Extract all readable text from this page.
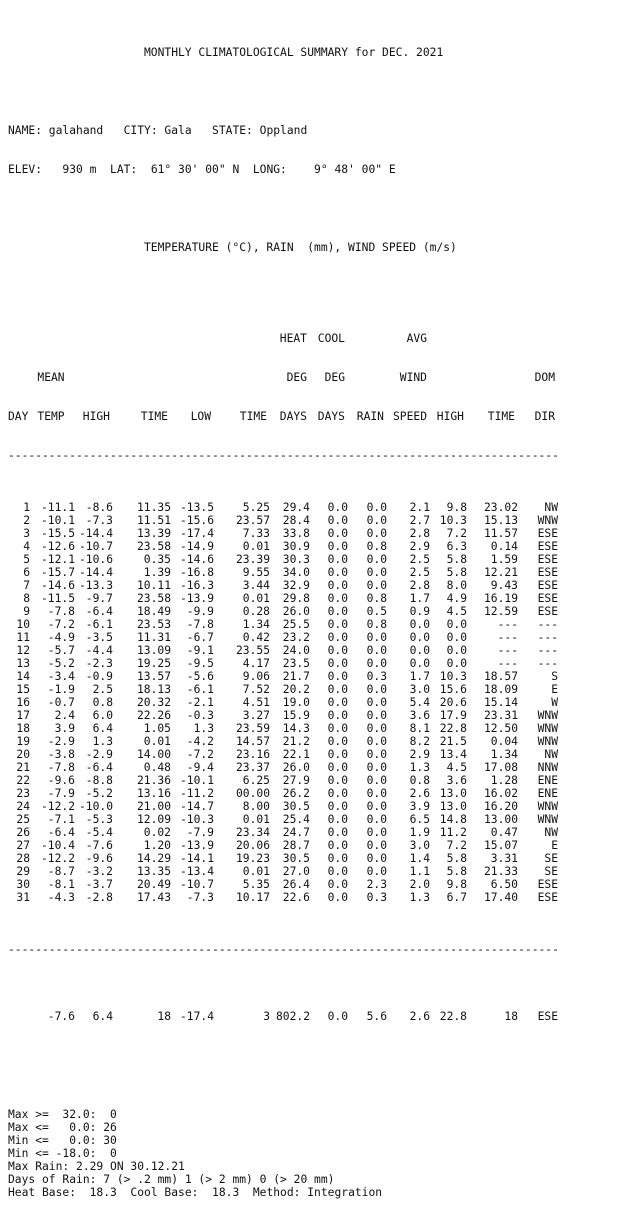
MONTHLY CLIMATOLOGICAL SUMMARY for DEC. 2021

NAME: galahand   CITY: Gala   STATE: Oppland

ELEV:   930 m  LAT:  61° 30' 00" N  LONG:    9° 48' 00" E

TEMPERATURE (°C), RAIN  (mm), WIND SPEED (m/s)

HEAT COOL	AVG

MEAN	DEG DEG	WIND	DOM

DAY TEMP HIGH	TIME LOW	TIME DAYS DAYS RAIN SPEED HIGH TIME DIR

---------------------------------------------------------------------------------

1 -11.1 -8.6 11.35 -13.5	5.25 29.4 0.0 0.0 2.1 9.8 23.02 NW
2 -10.1 -7.3 11.51 -15.6 23.57 28.4 0.0 0.0 2.7 10.3 15.13 WNW
3 -15.5 -14.4 13.39 -17.4	7.33 33.8 0.0 0.0 2.8 7.2 11.57 ESE
4 -12.6 -10.7 23.58 -14.9	0.01 30.9 0.0 0.8 2.9 6.3 0.14 ESE
5 -12.1 -10.6	0.35 -14.6 23.39 30.3 0.0 0.0 2.5 5.8 1.59 ESE
6 -15.7 -14.4	1.39 -16.8	9.55 34.0 0.0 0.0 2.5 5.8 12.21 ESE
7 -14.6 -13.3 10.11 -16.3	3.44 32.9 0.0 0.0 2.8 8.0 9.43 ESE
8 -11.5 -9.7 23.58 -13.9	0.01 29.8 0.0 0.8 1.7 4.9 16.19 ESE
9 -7.8 -6.4 18.49 -9.9	0.28 26.0 0.0 0.5 0.9 4.5 12.59 ESE
10 -7.2 -6.1 23.53 -7.8	1.34 25.5 0.0 0.8 0.0 0.0	--- ---
11 -4.9 -3.5 11.31 -6.7	0.42 23.2 0.0 0.0 0.0 0.0	--- ---
12 -5.7 -4.4 13.09 -9.1 23.55 24.0 0.0 0.0 0.0 0.0	--- ---
13 -5.2 -2.3 19.25 -9.5	4.17 23.5 0.0 0.0 0.0 0.0	--- ---
14 -3.4 -0.9 13.57 -5.6	9.06 21.7 0.0 0.3 1.7 10.3 18.57	S
15 -1.9 2.5 18.13 -6.1	7.52 20.2 0.0 0.0 3.0 15.6 18.09	E
16 -0.7 0.8 20.32 -2.1	4.51 19.0 0.0 0.0 5.4 20.6 15.14	W
17 2.4 6.0 22.26 -0.3	3.27 15.9 0.0 0.0 3.6 17.9 23.31 WNW
18 3.9 6.4	1.05 1.3 23.59 14.3 0.0 0.0 8.1 22.8 12.50 WNW
19 -2.9 1.3	0.01 -4.2 14.57 21.2 0.0 0.0 8.2 21.5 0.04 WNW
20 -3.8 -2.9 14.00 -7.2 23.16 22.1 0.0 0.0 2.9 13.4 1.34 NW
21 -7.8 -6.4	0.48 -9.4 23.37 26.0 0.0 0.0 1.3 4.5 17.08 NNW
22 -9.6 -8.8 21.36 -10.1	6.25 27.9 0.0 0.0 0.8 3.6 1.28 ENE
23 -7.9 -5.2 13.16 -11.2 00.00 26.2 0.0 0.0 2.6 13.0 16.02 ENE
24 -12.2 -10.0 21.00 -14.7	8.00 30.5 0.0 0.0 3.9 13.0 16.20 WNW
25 -7.1 -5.3 12.09 -10.3	0.01 25.4 0.0 0.0 6.5 14.8 13.00 WNW
26 -6.4 -5.4	0.02 -7.9 23.34 24.7 0.0 0.0 1.9 11.2 0.47 NW
27 -10.4 -7.6	1.20 -13.9 20.06 28.7 0.0 0.0 3.0 7.2 15.07	E
28 -12.2 -9.6 14.29 -14.1 19.23 30.5 0.0 0.0 1.4 5.8 3.31 SE
29 -8.7 -3.2 13.35 -13.4	0.01 27.0 0.0 0.0 1.1 5.8 21.33 SE
30 -8.1 -3.7 20.49 -10.7	5.35 26.4 0.0 2.3 2.0 9.8 6.50 ESE
31 -4.3 -2.8 17.43 -7.3 10.17 22.6 0.0 0.3 1.3 6.7 17.40 ESE

---------------------------------------------------------------------------------

-7.6 6.4	18 -17.4	3 802.2 0.0 5.6 2.6 22.8	18 ESE

Max >=  32.0:  0
Max <=   0.0: 26
Min <=   0.0: 30
Min <= -18.0:  0
Max Rain: 2.29 ON 30.12.21
Days of Rain: 7 (> .2 mm) 1 (> 2 mm) 0 (> 20 mm)
Heat Base:  18.3  Cool Base:  18.3  Method: Integration
